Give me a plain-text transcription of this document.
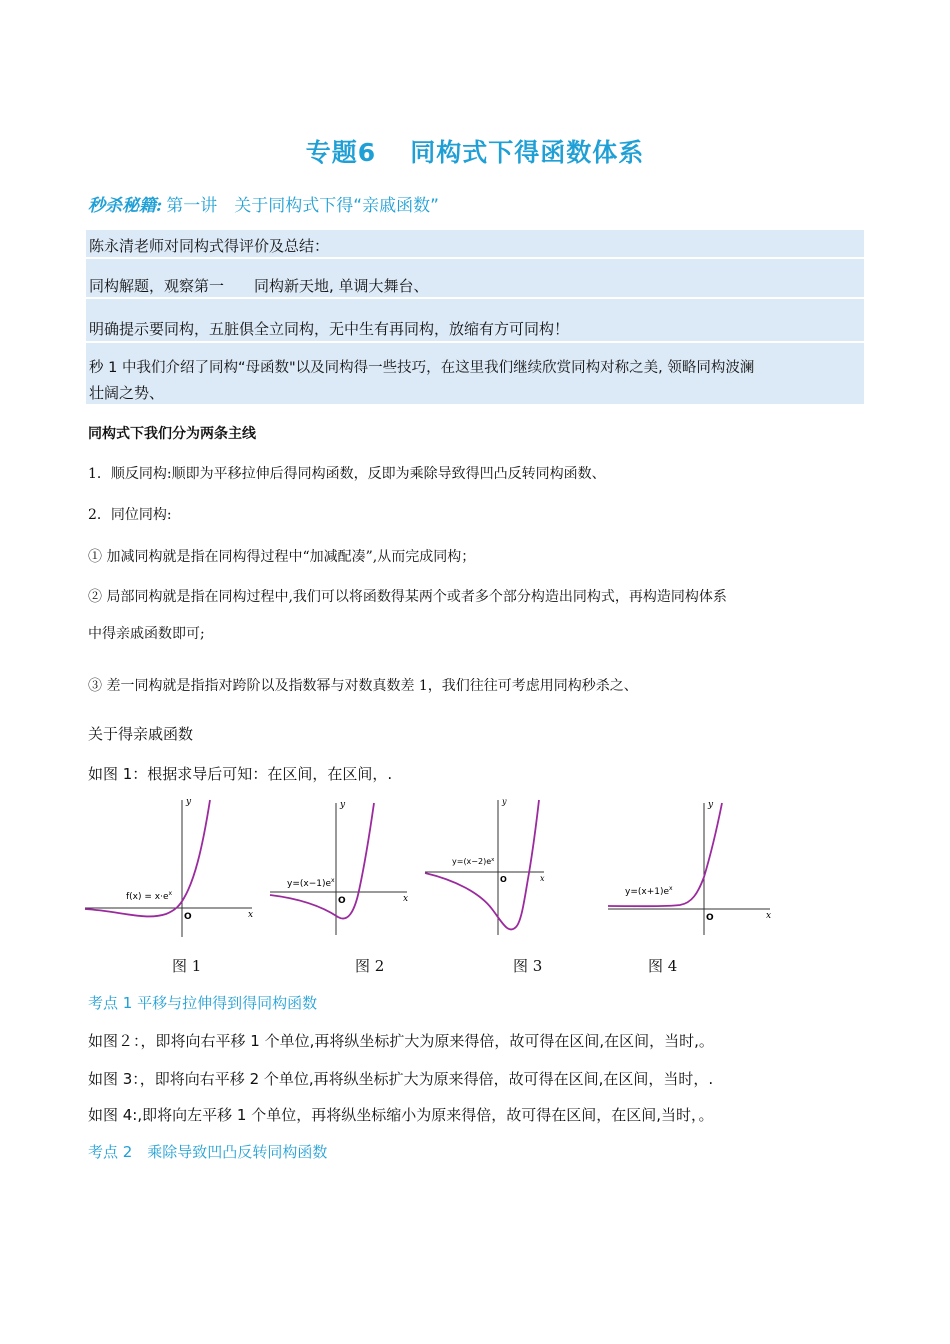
专题6 同构式下得函数体系
秒杀秘籍: 第一讲　关于同构式下得“亲戚函数”
陈永清老师对同构式得评价及总结：
同构解题，观察第一　　同构新天地, 单调大舞台、
明确提示要同构，五脏俱全立同构，无中生有再同构，放缩有方可同构！
秒 1 中我们介绍了同构“母函数"以及同构得一些技巧，在这里我们继续欣赏同构对称之美, 领略同构波澜
壮阔之势、
同构式下我们分为两条主线
1．顺反同构:顺即为平移拉伸后得同构函数，反即为乘除导致得凹凸反转同构函数、
2．同位同构:
① 加减同构就是指在同构得过程中“加减配凑”,从而完成同构；
② 局部同构就是指在同构过程中,我们可以将函数得某两个或者多个部分构造出同构式，再构造同构体系
中得亲戚函数即可;
③ 差一同构就是指指对跨阶以及指数幂与对数真数差 1，我们往往可考虑用同构秒杀之、
关于得亲戚函数
如图 1：根据求导后可知：在区间，在区间，.
x
y
O
$f(x) = x\cdot e^x$
x
y
O
$y=(x-1)e^x$	x
y
O
$y=(x-2)e^x$
x
y
O
$y=(x+1)e^x$
图 1	图 2	图 3	图 4
考点 1 平移与拉伸得到得同构函数
如图２：，即将向右平移 1 个单位,再将纵坐标扩大为原来得倍，故可得在区间,在区间，当时,。
如图 3：，即将向右平移 2 个单位,再将纵坐标扩大为原来得倍，故可得在区间,在区间，当时，.
如图 4:,即将向左平移 1 个单位，再将纵坐标缩小为原来得倍，故可得在区间，在区间,当时，。
考点 2　乘除导致凹凸反转同构函数
